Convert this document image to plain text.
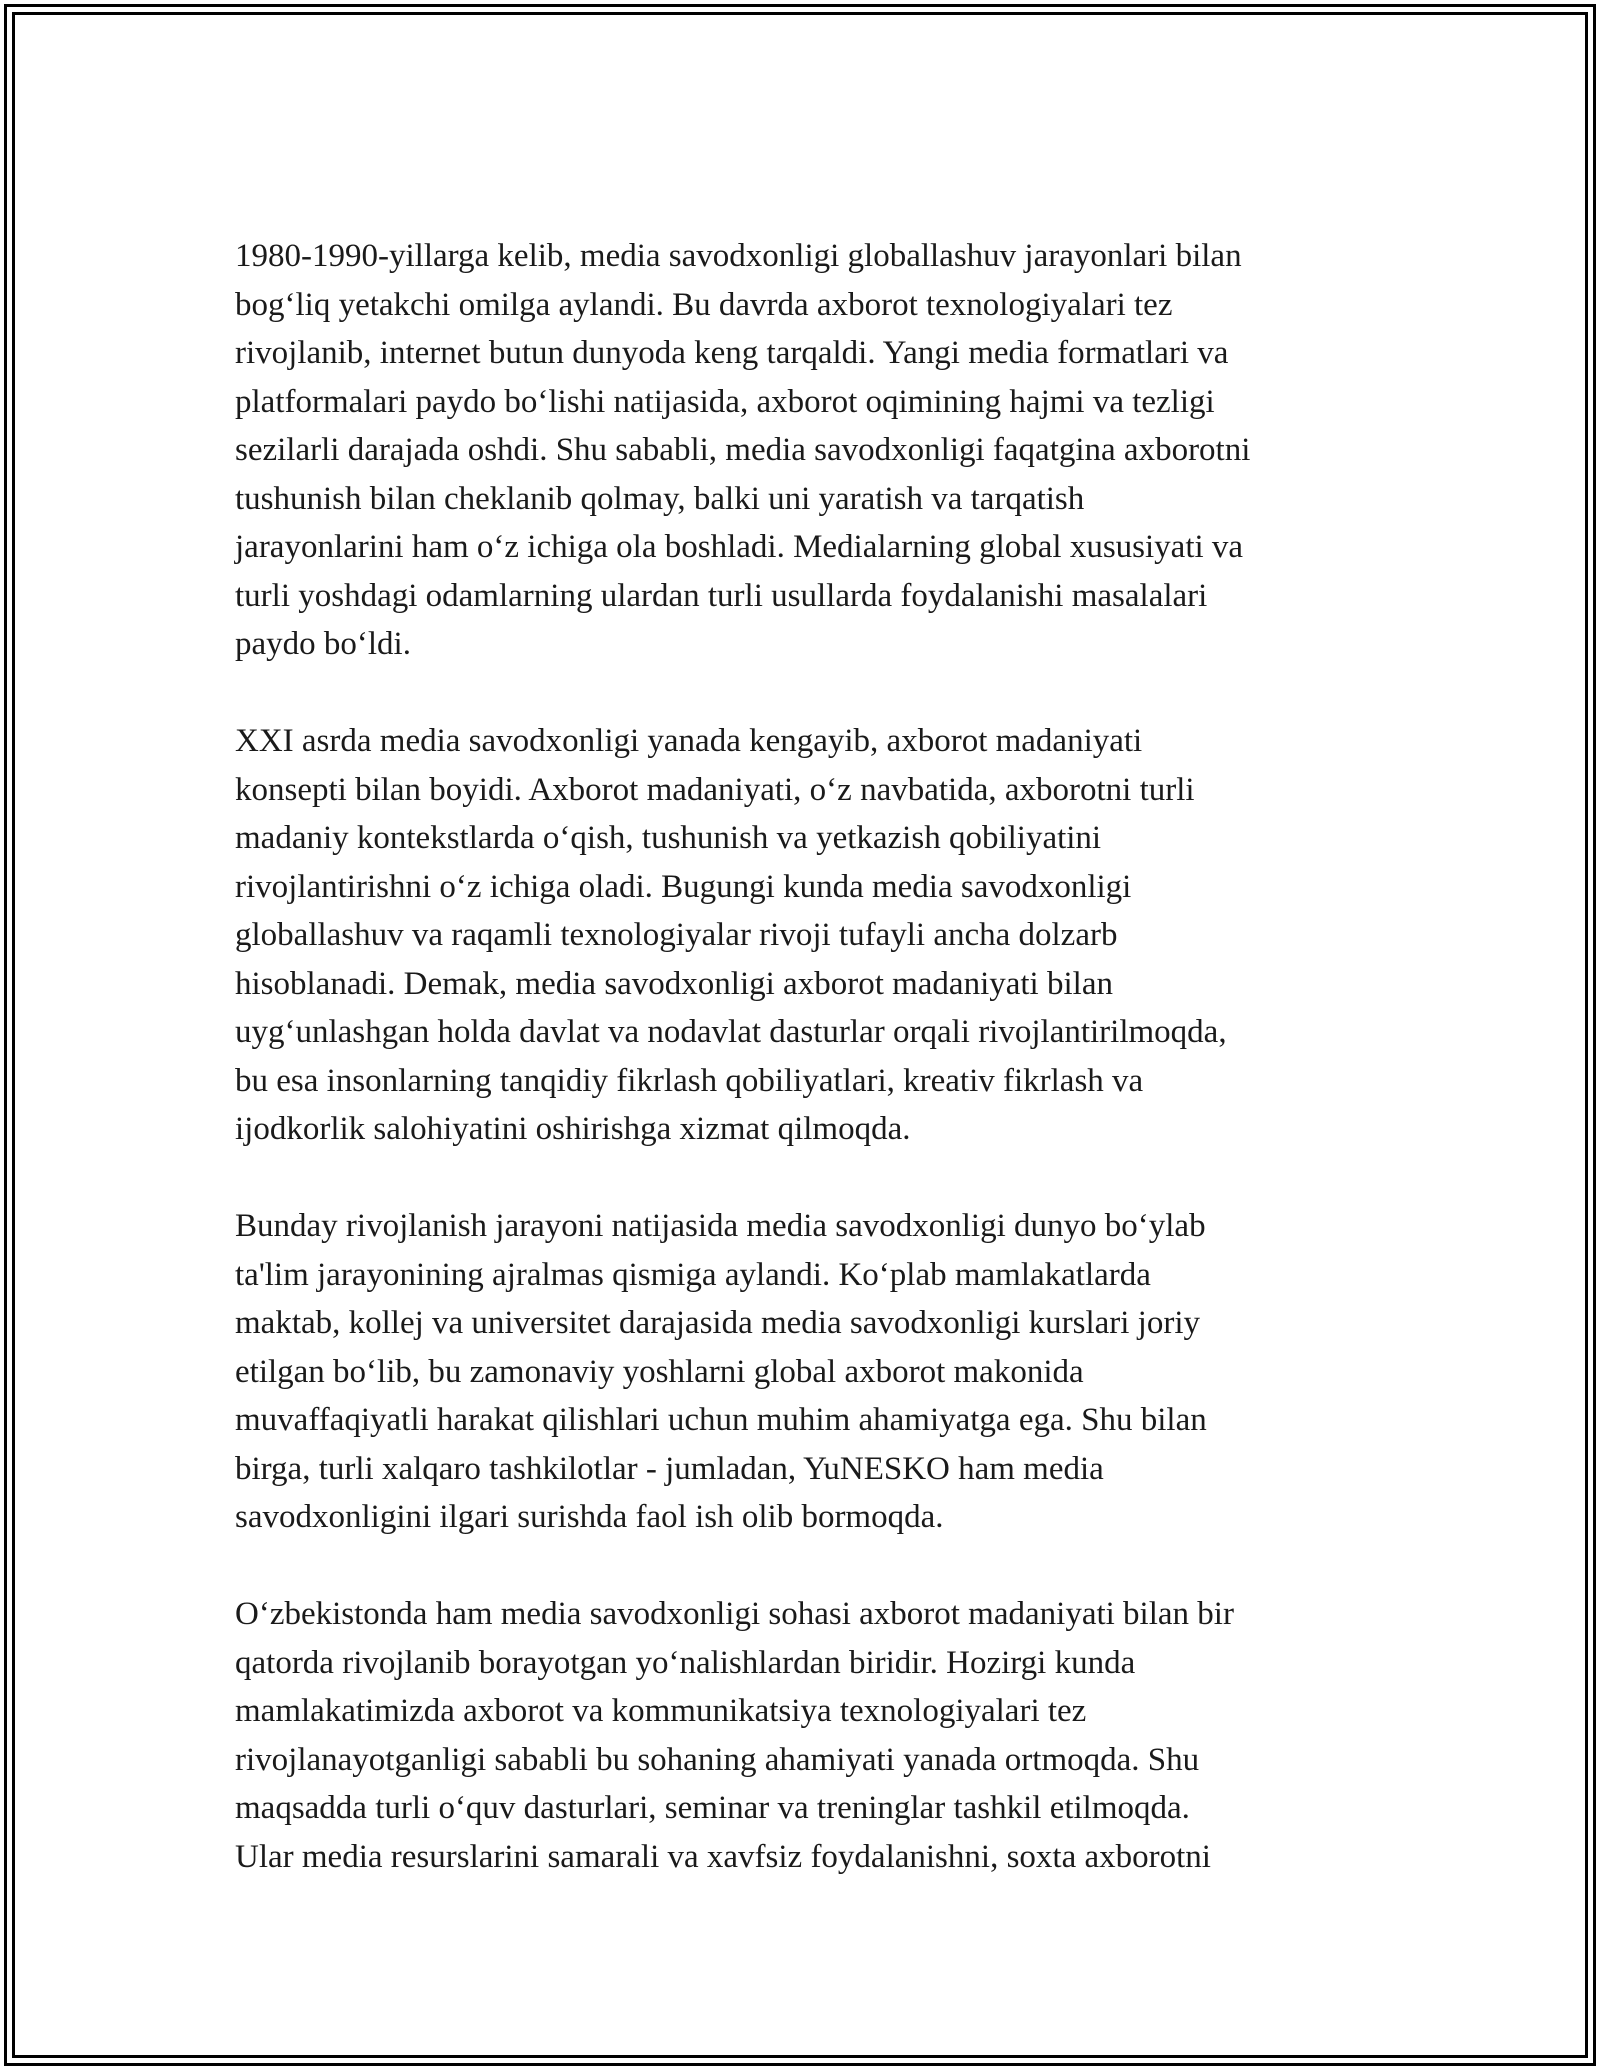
1980-1990-yillarga kelib, media savodxonligi globallashuv jarayonlari bilan
bog‘liq yetakchi omilga aylandi. Bu davrda axborot texnologiyalari tez
rivojlanib, internet butun dunyoda keng tarqaldi. Yangi media formatlari va
platformalari paydo bo‘lishi natijasida, axborot oqimining hajmi va tezligi
sezilarli darajada oshdi. Shu sababli, media savodxonligi faqatgina axborotni
tushunish bilan cheklanib qolmay, balki uni yaratish va tarqatish
jarayonlarini ham o‘z ichiga ola boshladi. Medialarning global xususiyati va
turli yoshdagi odamlarning ulardan turli usullarda foydalanishi masalalari
paydo bo‘ldi.
XXI asrda media savodxonligi yanada kengayib, axborot madaniyati
konsepti bilan boyidi. Axborot madaniyati, o‘z navbatida, axborotni turli
madaniy kontekstlarda o‘qish, tushunish va yetkazish qobiliyatini
rivojlantirishni o‘z ichiga oladi. Bugungi kunda media savodxonligi
globallashuv va raqamli texnologiyalar rivoji tufayli ancha dolzarb
hisoblanadi. Demak, media savodxonligi axborot madaniyati bilan
uyg‘unlashgan holda davlat va nodavlat dasturlar orqali rivojlantirilmoqda,
bu esa insonlarning tanqidiy fikrlash qobiliyatlari, kreativ fikrlash va
ijodkorlik salohiyatini oshirishga xizmat qilmoqda.
Bunday rivojlanish jarayoni natijasida media savodxonligi dunyo bo‘ylab
ta'lim jarayonining ajralmas qismiga aylandi. Ko‘plab mamlakatlarda
maktab, kollej va universitet darajasida media savodxonligi kurslari joriy
etilgan bo‘lib, bu zamonaviy yoshlarni global axborot makonida
muvaffaqiyatli harakat qilishlari uchun muhim ahamiyatga ega. Shu bilan
birga, turli xalqaro tashkilotlar - jumladan, YuNESKO ham media
savodxonligini ilgari surishda faol ish olib bormoqda.
O‘zbekistonda ham media savodxonligi sohasi axborot madaniyati bilan bir
qatorda rivojlanib borayotgan yo‘nalishlardan biridir. Hozirgi kunda
mamlakatimizda axborot va kommunikatsiya texnologiyalari tez
rivojlanayotganligi sababli bu sohaning ahamiyati yanada ortmoqda. Shu
maqsadda turli o‘quv dasturlari, seminar va treninglar tashkil etilmoqda.
Ular media resurslarini samarali va xavfsiz foydalanishni, soxta axborotni
